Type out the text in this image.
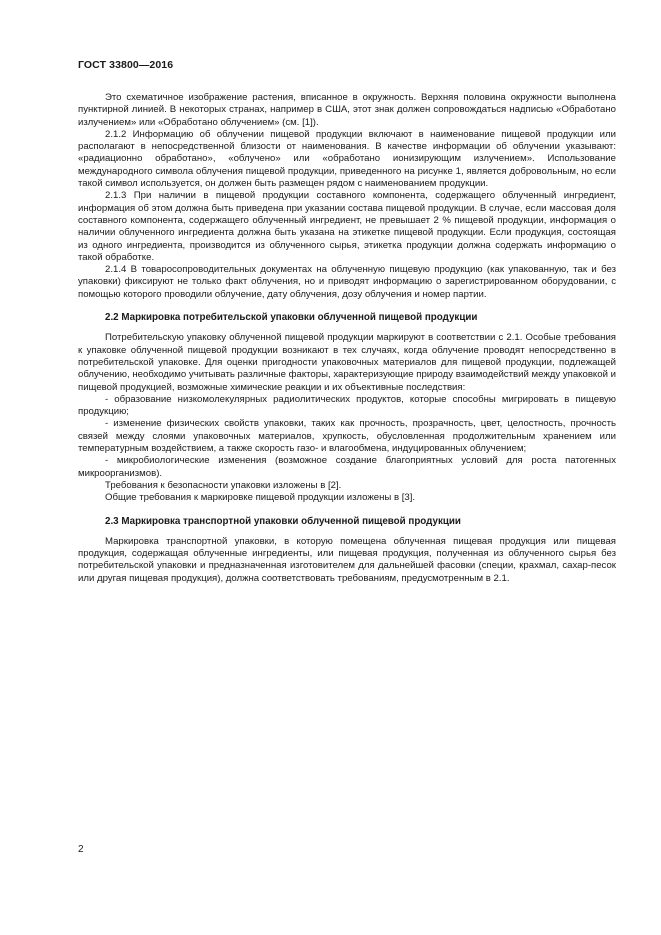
ГОСТ 33800—2016

Это схематичное изображение растения, вписанное в окружность. Верхняя половина окружности выполнена пунктирной линией. В некоторых странах, например в США, этот знак должен сопровождаться надписью «Обработано излучением» или «Обработано облучением» (см. [1]).

2.1.2 Информацию об облучении пищевой продукции включают в наименование пищевой продукции или располагают в непосредственной близости от наименования. В качестве информации об облучении указывают: «радиационно обработано», «облучено» или «обработано ионизирующим излучением». Использование международного символа облучения пищевой продукции, приведенного на рисунке 1, является добровольным, но если такой символ используется, он должен быть размещен рядом с наименованием продукции.

2.1.3 При наличии в пищевой продукции составного компонента, содержащего облученный ингредиент, информация об этом должна быть приведена при указании состава пищевой продукции. В случае, если массовая доля составного компонента, содержащего облученный ингредиент, не превышает 2 % пищевой продукции, информация о наличии облученного ингредиента должна быть указана на этикетке пищевой продукции. Если продукция, состоящая из одного ингредиента, производится из облученного сырья, этикетка продукции должна содержать информацию о такой обработке.

2.1.4 В товаросопроводительных документах на облученную пищевую продукцию (как упакованную, так и без упаковки) фиксируют не только факт облучения, но и приводят информацию о зарегистрированном оборудовании, с помощью которого проводили облучение, дату облучения, дозу облучения и номер партии.

2.2 Маркировка потребительской упаковки облученной пищевой продукции

Потребительскую упаковку облученной пищевой продукции маркируют в соответствии с 2.1. Особые требования к упаковке облученной пищевой продукции возникают в тех случаях, когда облучение проводят непосредственно в потребительской упаковке. Для оценки пригодности упаковочных материалов для пищевой продукции, подлежащей облучению, необходимо учитывать различные факторы, характеризующие природу взаимодействий между упаковкой и пищевой продукцией, возможные химические реакции и их объективные последствия:

- образование низкомолекулярных радиолитических продуктов, которые способны мигрировать в пищевую продукцию;

- изменение физических свойств упаковки, таких как прочность, прозрачность, цвет, целостность, прочность связей между слоями упаковочных материалов, хрупкость, обусловленная продолжительным хранением или температурным воздействием, а также скорость газо- и влагообмена, индуцированных облучением;

- микробиологические изменения (возможное создание благоприятных условий для роста патогенных микроорганизмов).

Требования к безопасности упаковки изложены в [2].

Общие требования к маркировке пищевой продукции изложены в [3].

2.3 Маркировка транспортной упаковки облученной пищевой продукции

Маркировка транспортной упаковки, в которую помещена облученная пищевая продукция или пищевая продукция, содержащая облученные ингредиенты, или пищевая продукция, полученная из облученного сырья без потребительской упаковки и предназначенная изготовителем для дальнейшей фасовки (специи, крахмал, сахар-песок или другая пищевая продукция), должна соответствовать требованиям, предусмотренным в 2.1.

2
